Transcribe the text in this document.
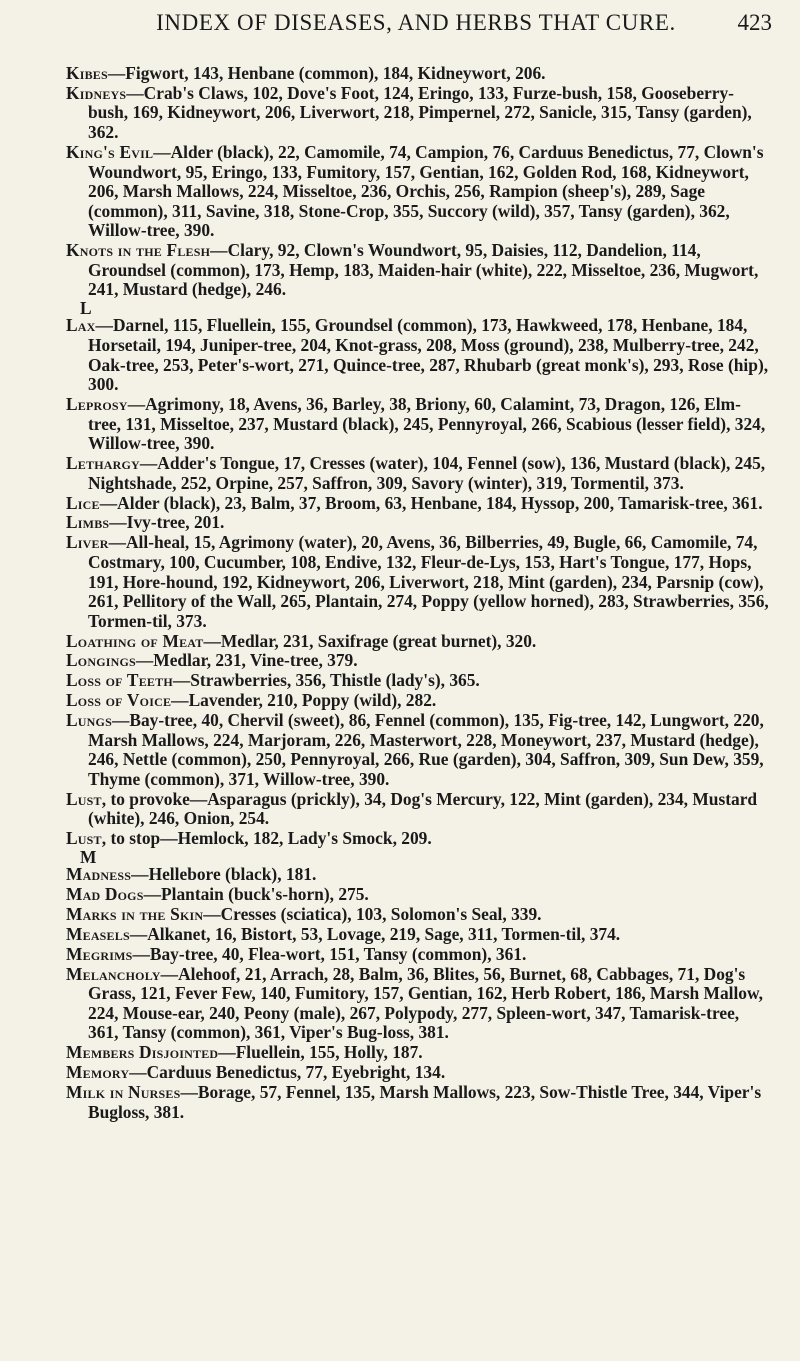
INDEX OF DISEASES, AND HERBS THAT CURE.	423
Kibes—Figwort, 143, Henbane (common), 184, Kidneywort, 206.
Kidneys—Crab's Claws, 102, Dove's Foot, 124, Eringo, 133, Furze-bush, 158, Gooseberry-bush, 169, Kidneywort, 206, Liverwort, 218, Pimpernel, 272, Sanicle, 315, Tansy (garden), 362.
King's Evil—Alder (black), 22, Camomile, 74, Campion, 76, Carduus Benedictus, 77, Clown's Woundwort, 95, Eringo, 133, Fumitory, 157, Gentian, 162, Golden Rod, 168, Kidneywort, 206, Marsh Mallows, 224, Misseltoe, 236, Orchis, 256, Rampion (sheep's), 289, Sage (common), 311, Savine, 318, Stone-Crop, 355, Succory (wild), 357, Tansy (garden), 362, Willow-tree, 390.
Knots in the Flesh—Clary, 92, Clown's Woundwort, 95, Daisies, 112, Dandelion, 114, Groundsel (common), 173, Hemp, 183, Maiden-hair (white), 222, Misseltoe, 236, Mugwort, 241, Mustard (hedge), 246.
L
Lax—Darnel, 115, Fluellein, 155, Groundsel (common), 173, Hawkweed, 178, Henbane, 184, Horsetail, 194, Juniper-tree, 204, Knot-grass, 208, Moss (ground), 238, Mulberry-tree, 242, Oak-tree, 253, Peter's-wort, 271, Quince-tree, 287, Rhubarb (great monk's), 293, Rose (hip), 300.
Leprosy—Agrimony, 18, Avens, 36, Barley, 38, Briony, 60, Calamint, 73, Dragon, 126, Elm-tree, 131, Misseltoe, 237, Mustard (black), 245, Pennyroyal, 266, Scabious (lesser field), 324, Willow-tree, 390.
Lethargy—Adder's Tongue, 17, Cresses (water), 104, Fennel (sow), 136, Mustard (black), 245, Nightshade, 252, Orpine, 257, Saffron, 309, Savory (winter), 319, Tormentil, 373.
Lice—Alder (black), 23, Balm, 37, Broom, 63, Henbane, 184, Hyssop, 200, Tamarisk-tree, 361.
Limbs—Ivy-tree, 201.
Liver—All-heal, 15, Agrimony (water), 20, Avens, 36, Bilberries, 49, Bugle, 66, Camomile, 74, Costmary, 100, Cucumber, 108, Endive, 132, Fleur-de-Lys, 153, Hart's Tongue, 177, Hops, 191, Hore-hound, 192, Kidneywort, 206, Liverwort, 218, Mint (garden), 234, Parsnip (cow), 261, Pellitory of the Wall, 265, Plantain, 274, Poppy (yellow horned), 283, Strawberries, 356, Tormen-til, 373.
Loathing of Meat—Medlar, 231, Saxifrage (great burnet), 320.
Longings—Medlar, 231, Vine-tree, 379.
Loss of Teeth—Strawberries, 356, Thistle (lady's), 365.
Loss of Voice—Lavender, 210, Poppy (wild), 282.
Lungs—Bay-tree, 40, Chervil (sweet), 86, Fennel (common), 135, Fig-tree, 142, Lungwort, 220, Marsh Mallows, 224, Marjoram, 226, Masterwort, 228, Moneywort, 237, Mustard (hedge), 246, Nettle (common), 250, Pennyroyal, 266, Rue (garden), 304, Saffron, 309, Sun Dew, 359, Thyme (common), 371, Willow-tree, 390.
Lust, to provoke—Asparagus (prickly), 34, Dog's Mercury, 122, Mint (garden), 234, Mustard (white), 246, Onion, 254.
Lust, to stop—Hemlock, 182, Lady's Smock, 209.
M
Madness—Hellebore (black), 181.
Mad Dogs—Plantain (buck's-horn), 275.
Marks in the Skin—Cresses (sciatica), 103, Solomon's Seal, 339.
Measels—Alkanet, 16, Bistort, 53, Lovage, 219, Sage, 311, Tormen-til, 374.
Megrims—Bay-tree, 40, Flea-wort, 151, Tansy (common), 361.
Melancholy—Alehoof, 21, Arrach, 28, Balm, 36, Blites, 56, Burnet, 68, Cabbages, 71, Dog's Grass, 121, Fever Few, 140, Fumitory, 157, Gentian, 162, Herb Robert, 186, Marsh Mallow, 224, Mouse-ear, 240, Peony (male), 267, Polypody, 277, Spleen-wort, 347, Tamarisk-tree, 361, Tansy (common), 361, Viper's Bug-loss, 381.
Members Disjointed—Fluellein, 155, Holly, 187.
Memory—Carduus Benedictus, 77, Eyebright, 134.
Milk in Nurses—Borage, 57, Fennel, 135, Marsh Mallows, 223, Sow-Thistle Tree, 344, Viper's Bugloss, 381.
